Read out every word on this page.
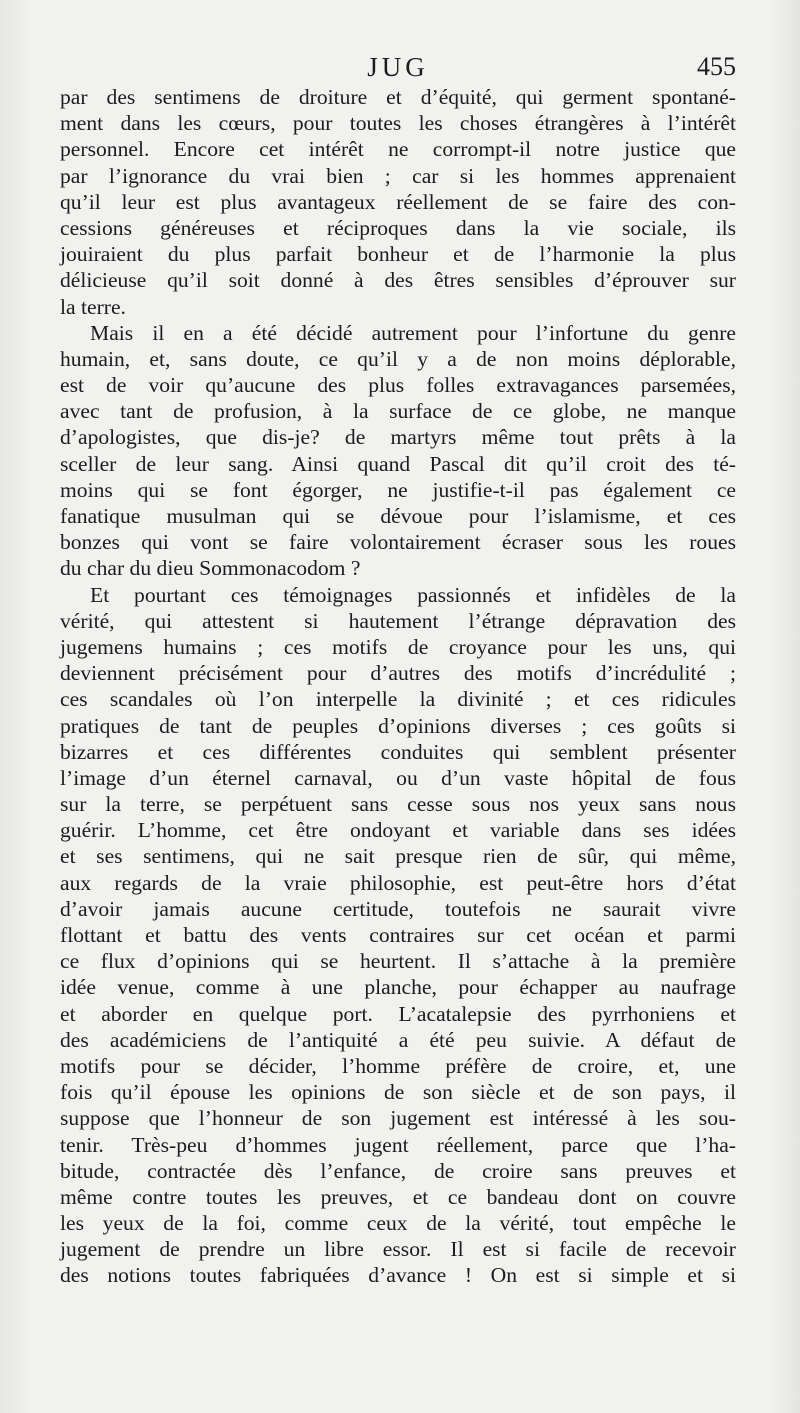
JUG	455
par des sentimens de droiture et d’équité, qui germent spontané-
ment dans les cœurs, pour toutes les choses étrangères à l’intérêt
personnel. Encore cet intérêt ne corrompt-il notre justice que
par l’ignorance du vrai bien ; car si les hommes apprenaient
qu’il leur est plus avantageux réellement de se faire des con-
cessions généreuses et réciproques dans la vie sociale, ils
jouiraient du plus parfait bonheur et de l’harmonie la plus
délicieuse qu’il soit donné à des êtres sensibles d’éprouver sur
la terre.
Mais il en a été décidé autrement pour l’infortune du genre
humain, et, sans doute, ce qu’il y a de non moins déplorable,
est de voir qu’aucune des plus folles extravagances parsemées,
avec tant de profusion, à la surface de ce globe, ne manque
d’apologistes, que dis-je? de martyrs même tout prêts à la
sceller de leur sang. Ainsi quand Pascal dit qu’il croit des té-
moins qui se font égorger, ne justifie-t-il pas également ce
fanatique musulman qui se dévoue pour l’islamisme, et ces
bonzes qui vont se faire volontairement écraser sous les roues
du char du dieu Sommonacodom ?
Et pourtant ces témoignages passionnés et infidèles de la
vérité, qui attestent si hautement l’étrange dépravation des
jugemens humains ; ces motifs de croyance pour les uns, qui
deviennent précisément pour d’autres des motifs d’incrédulité ;
ces scandales où l’on interpelle la divinité ; et ces ridicules
pratiques de tant de peuples d’opinions diverses ; ces goûts si
bizarres et ces différentes conduites qui semblent présenter
l’image d’un éternel carnaval, ou d’un vaste hôpital de fous
sur la terre, se perpétuent sans cesse sous nos yeux sans nous
guérir. L’homme, cet être ondoyant et variable dans ses idées
et ses sentimens, qui ne sait presque rien de sûr, qui même,
aux regards de la vraie philosophie, est peut-être hors d’état
d’avoir jamais aucune certitude, toutefois ne saurait vivre
flottant et battu des vents contraires sur cet océan et parmi
ce flux d’opinions qui se heurtent. Il s’attache à la première
idée venue, comme à une planche, pour échapper au naufrage
et aborder en quelque port. L’acatalepsie des pyrrhoniens et
des académiciens de l’antiquité a été peu suivie. A défaut de
motifs pour se décider, l’homme préfère de croire, et, une
fois qu’il épouse les opinions de son siècle et de son pays, il
suppose que l’honneur de son jugement est intéressé à les sou-
tenir. Très-peu d’hommes jugent réellement, parce que l’ha-
bitude, contractée dès l’enfance, de croire sans preuves et
même contre toutes les preuves, et ce bandeau dont on couvre
les yeux de la foi, comme ceux de la vérité, tout empêche le
jugement de prendre un libre essor. Il est si facile de recevoir
des notions toutes fabriquées d’avance ! On est si simple et si
